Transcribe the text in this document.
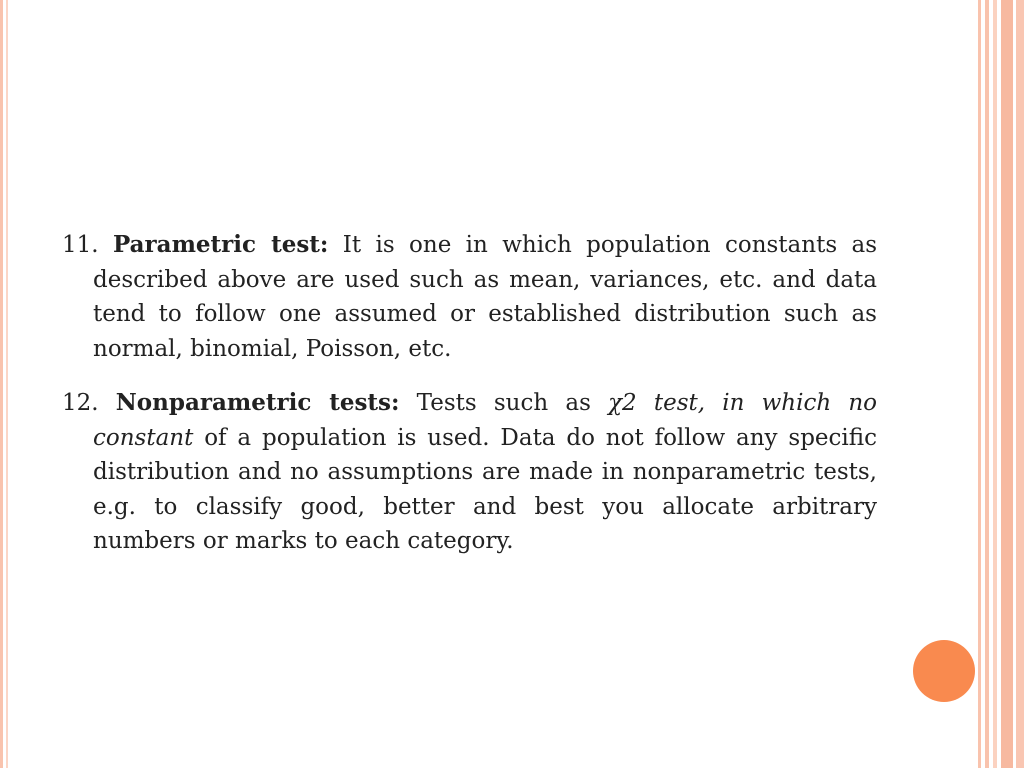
11. Parametric test: It is one in which population constants as described above are used such as mean, variances, etc. and data tend to follow one assumed or established distribution such as normal, binomial, Poisson, etc.

12. Nonparametric tests: Tests such as χ2 test, in which no constant of a population is used. Data do not follow any specific distribution and no assumptions are made in nonparametric tests, e.g. to classify good, better and best you allocate arbitrary numbers or marks to each category.
